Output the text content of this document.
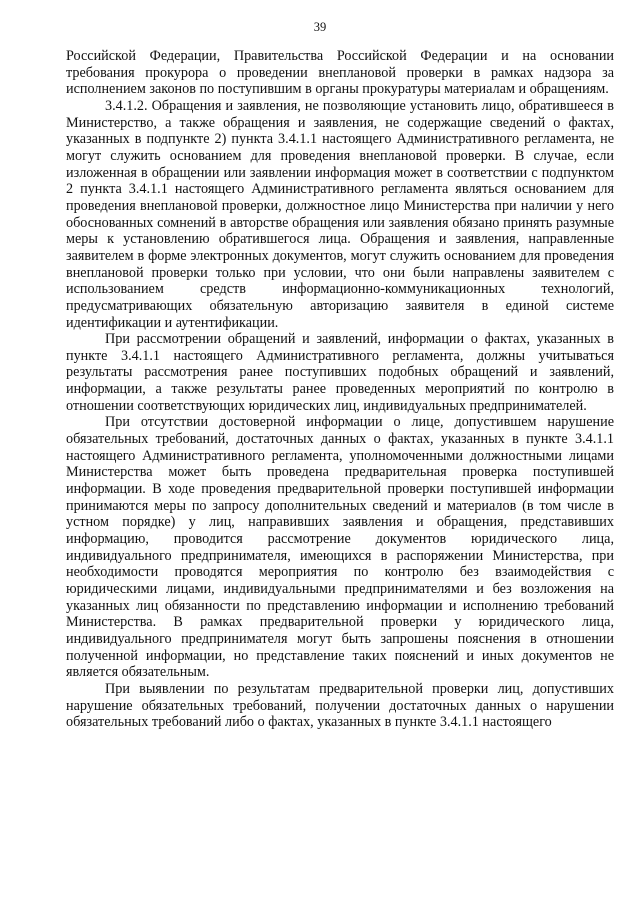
39

Российской Федерации, Правительства Российской Федерации и на основании требования прокурора о проведении внеплановой проверки в рамках надзора за исполнением законов по поступившим в органы прокуратуры материалам и обращениям.

3.4.1.2. Обращения и заявления, не позволяющие установить лицо, обратившееся в Министерство, а также обращения и заявления, не содержащие сведений о фактах, указанных в подпункте 2) пункта 3.4.1.1 настоящего Административного регламента, не могут служить основанием для проведения внеплановой проверки. В случае, если изложенная в обращении или заявлении информация может в соответствии с подпунктом 2 пункта 3.4.1.1 настоящего Административного регламента являться основанием для проведения внеплановой проверки, должностное лицо Министерства при наличии у него обоснованных сомнений в авторстве обращения или заявления обязано принять разумные меры к установлению обратившегося лица. Обращения и заявления, направленные заявителем в форме электронных документов, могут служить основанием для проведения внеплановой проверки только при условии, что они были направлены заявителем с использованием средств информационно-коммуникационных технологий, предусматривающих обязательную авторизацию заявителя в единой системе идентификации и аутентификации.

При рассмотрении обращений и заявлений, информации о фактах, указанных в пункте 3.4.1.1 настоящего Административного регламента, должны учитываться результаты рассмотрения ранее поступивших подобных обращений и заявлений, информации, а также результаты ранее проведенных мероприятий по контролю в отношении соответствующих юридических лиц, индивидуальных предпринимателей.

При отсутствии достоверной информации о лице, допустившем нарушение обязательных требований, достаточных данных о фактах, указанных в пункте 3.4.1.1 настоящего Административного регламента, уполномоченными должностными лицами Министерства может быть проведена предварительная проверка поступившей информации. В ходе проведения предварительной проверки поступившей информации принимаются меры по запросу дополнительных сведений и материалов (в том числе в устном порядке) у лиц, направивших заявления и обращения, представивших информацию, проводится рассмотрение документов юридического лица, индивидуального предпринимателя, имеющихся в распоряжении Министерства, при необходимости проводятся мероприятия по контролю без взаимодействия с юридическими лицами, индивидуальными предпринимателями и без возложения на указанных лиц обязанности по представлению информации и исполнению требований Министерства. В рамках предварительной проверки у юридического лица, индивидуального предпринимателя могут быть запрошены пояснения в отношении полученной информации, но представление таких пояснений и иных документов не является обязательным.

При выявлении по результатам предварительной проверки лиц, допустивших нарушение обязательных требований, получении достаточных данных о нарушении обязательных требований либо о фактах, указанных в пункте 3.4.1.1 настоящего
